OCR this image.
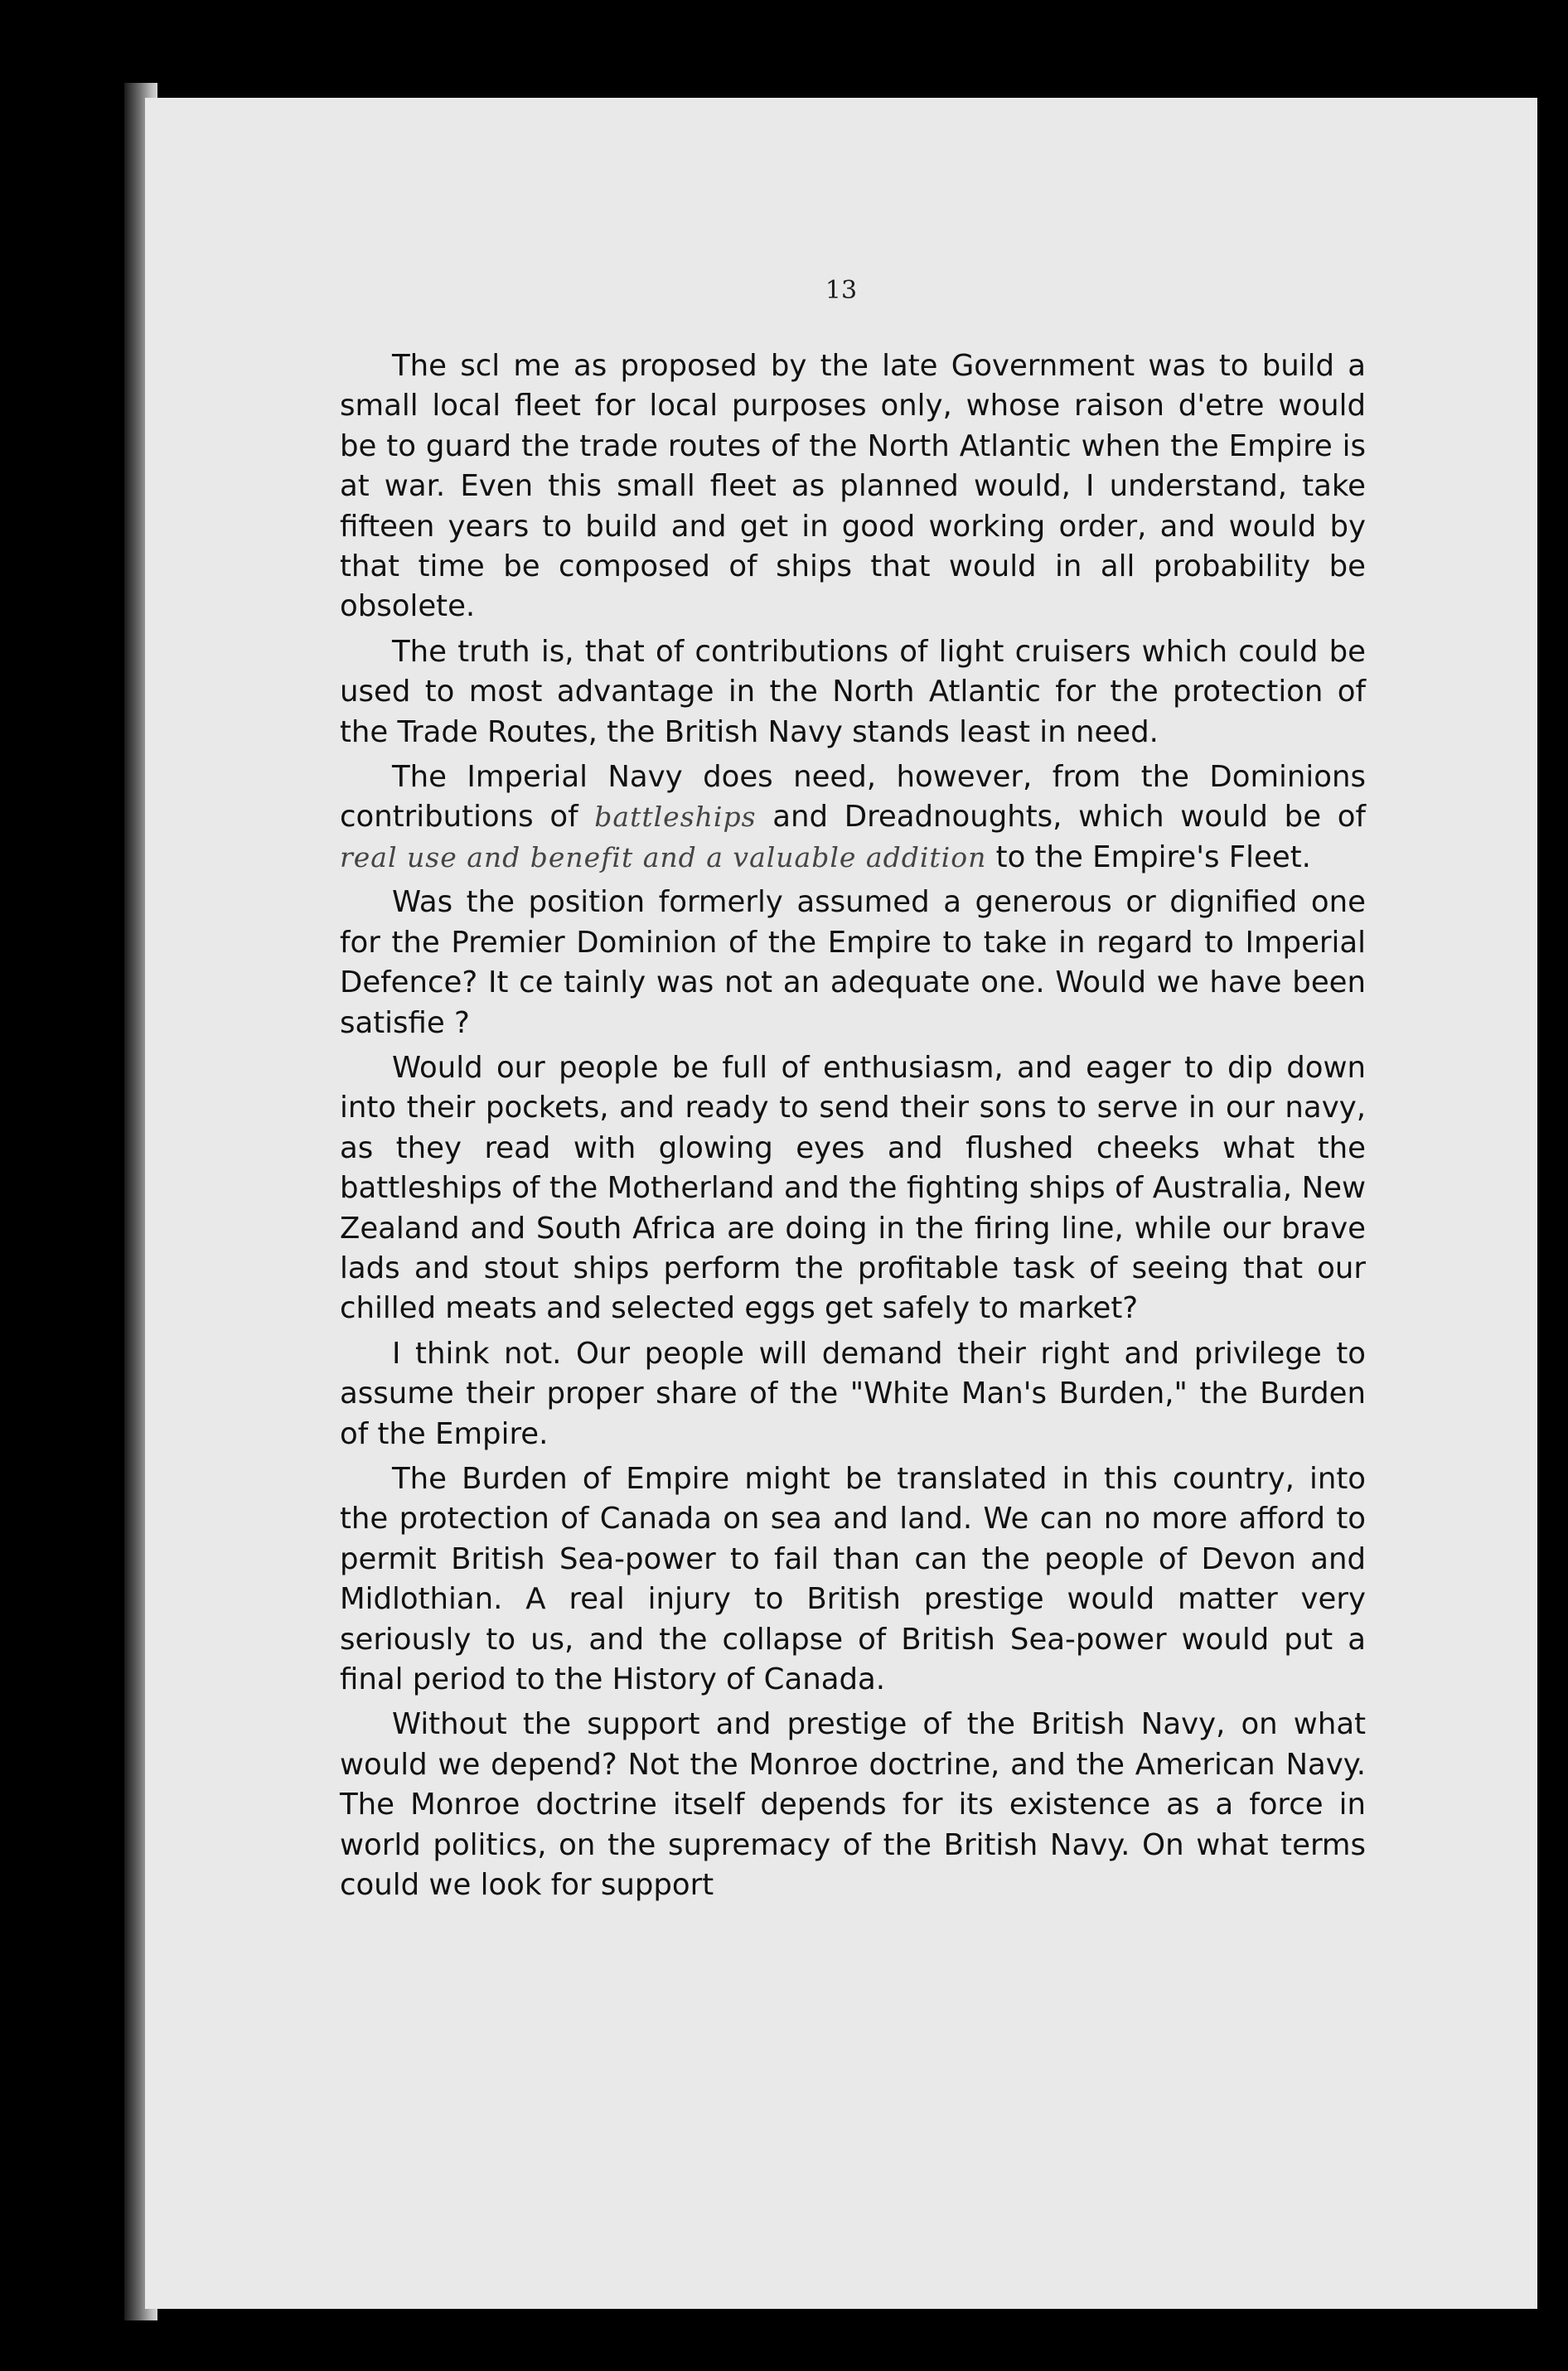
13

The scl me as proposed by the late Government was to build a small local fleet for local purposes only, whose raison d'etre would be to guard the trade routes of the North Atlantic when the Empire is at war. Even this small fleet as planned would, I understand, take fifteen years to build and get in good working order, and would by that time be composed of ships that would in all probability be obsolete.

The truth is, that of contributions of light cruisers which could be used to most advantage in the North Atlantic for the protection of the Trade Routes, the British Navy stands least in need.

The Imperial Navy does need, however, from the Dominions contributions of battleships and Dreadnoughts, which would be of real use and benefit and a valuable addition to the Empire's Fleet.

Was the position formerly assumed a generous or dignified one for the Premier Dominion of the Empire to take in regard to Imperial Defence? It ce tainly was not an adequate one. Would we have been satisfie ?

Would our people be full of enthusiasm, and eager to dip down into their pockets, and ready to send their sons to serve in our navy, as they read with glowing eyes and flushed cheeks what the battleships of the Motherland and the fighting ships of Australia, New Zealand and South Africa are doing in the firing line, while our brave lads and stout ships perform the profitable task of seeing that our chilled meats and selected eggs get safely to market?

I think not. Our people will demand their right and privilege to assume their proper share of the "White Man's Burden," the Burden of the Empire.

The Burden of Empire might be translated in this country, into the protection of Canada on sea and land. We can no more afford to permit British Sea-power to fail than can the people of Devon and Midlothian. A real injury to British prestige would matter very seriously to us, and the collapse of British Sea-power would put a final period to the History of Canada.

Without the support and prestige of the British Navy, on what would we depend? Not the Monroe doctrine, and the American Navy. The Monroe doctrine itself depends for its existence as a force in world politics, on the supremacy of the British Navy. On what terms could we look for support
